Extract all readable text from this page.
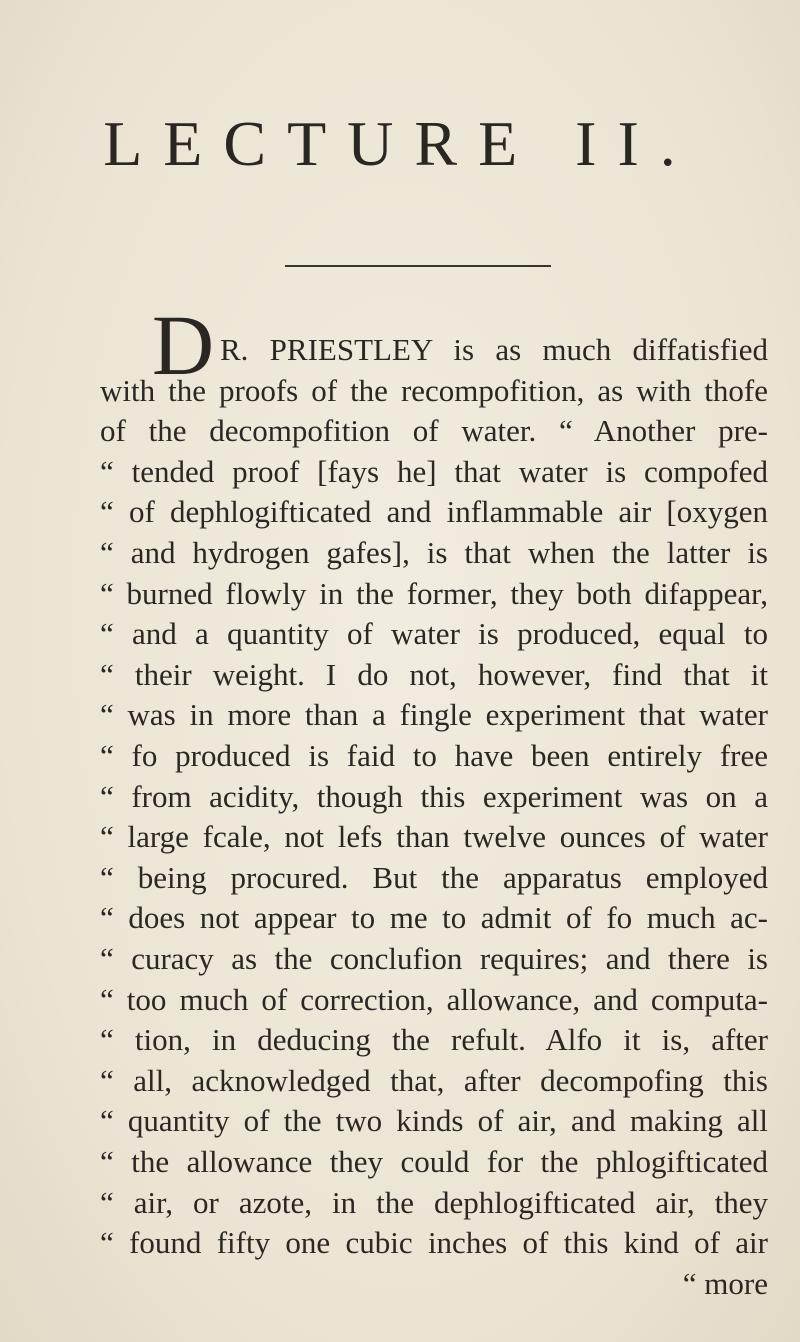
LECTURE II.
D R. PRIESTLEY is as much diffatisfied
with the proofs of the recompofition, as with thofe
of the decompofition of water. “ Another pre-
“ tended proof [fays he] that water is compofed
“ of dephlogifticated and inflammable air [oxygen
“ and hydrogen gafes], is that when the latter is
“ burned flowly in the former, they both difappear,
“ and a quantity of water is produced, equal to
“ their weight. I do not, however, find that it
“ was in more than a fingle experiment that water
“ fo produced is faid to have been entirely free
“ from acidity, though this experiment was on a
“ large fcale, not lefs than twelve ounces of water
“ being procured. But the apparatus employed
“ does not appear to me to admit of fo much ac-
“ curacy as the conclufion requires; and there is
“ too much of correction, allowance, and computa-
“ tion, in deducing the refult. Alfo it is, after
“ all, acknowledged that, after decompofing this
“ quantity of the two kinds of air, and making all
“ the allowance they could for the phlogifticated
“ air, or azote, in the dephlogifticated air, they
“ found fifty one cubic inches of this kind of air
“ more
